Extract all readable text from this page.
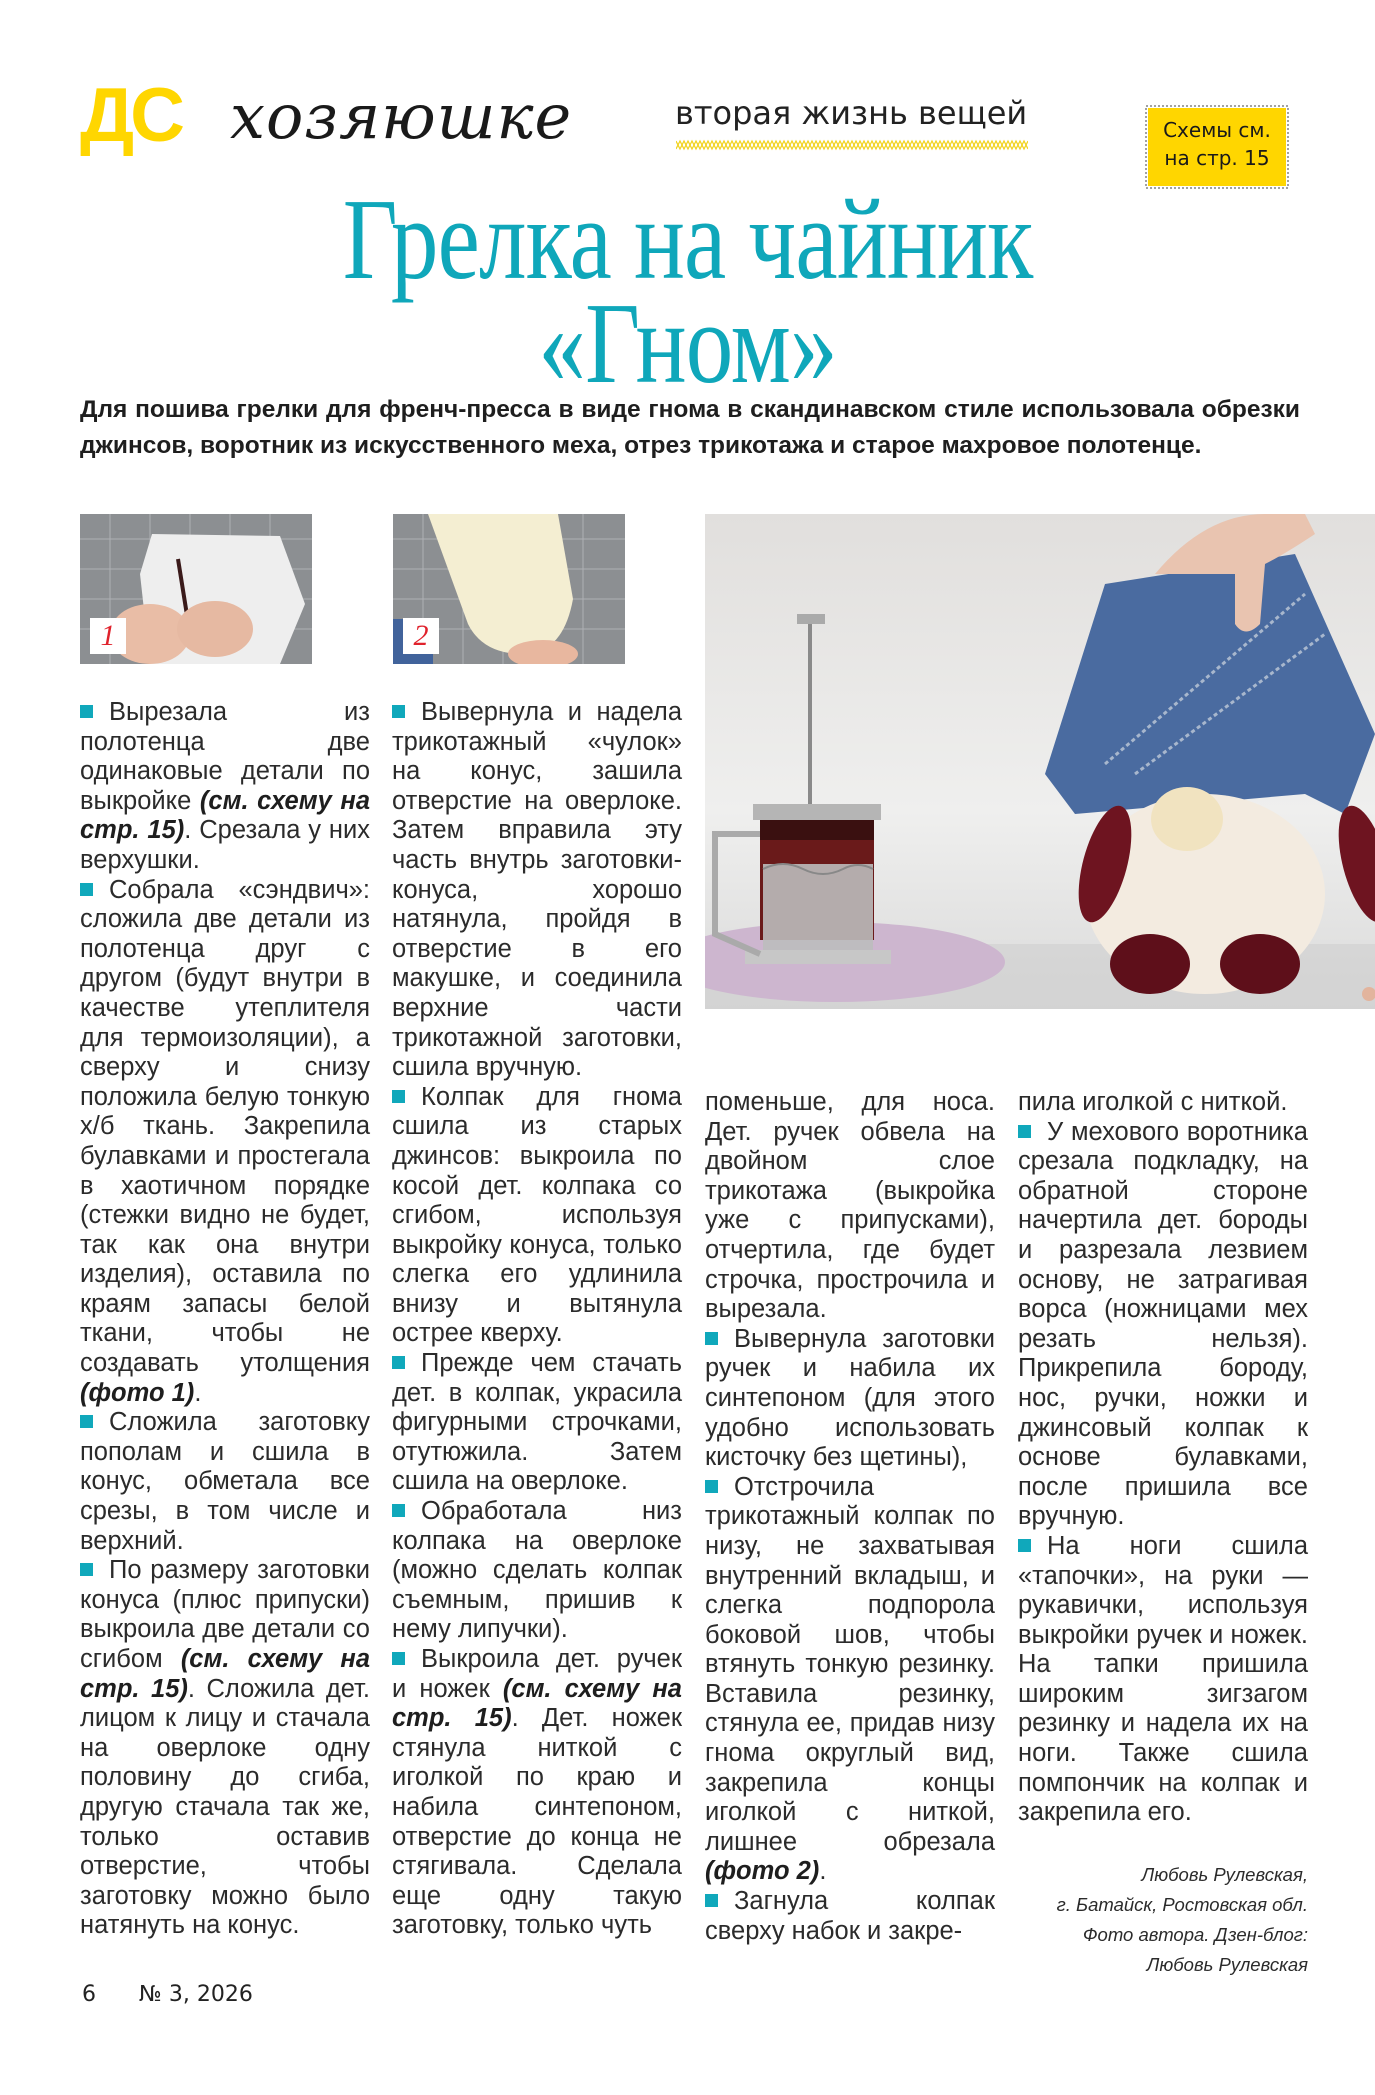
ДС хозяюшке	вторая жизнь вещей	Схемы см.
на стр. 15
Грелка на чайник
«Гном»
Для пошива грелки для френч-пресса в виде гнома в скандинавском стиле использовала обрезки джинсов, воротник из искусственного меха, отрез трикотажа и старое махровое полотенце.
1	2

Вырезала из полотенца две одинаковые детали по выкройке (см. схему на стр. 15). Срезала у них верхушки.

Собрала «сэндвич»: сложила две детали из полотенца друг с другом (будут внутри в качестве утеплителя для термоизоляции), а сверху и снизу положила белую тонкую х/б ткань. Закрепила булавками и простегала в хаотичном порядке (стежки видно не будет, так как она внутри изделия), оставила по краям запасы белой ткани, чтобы не создавать утолщения (фото 1).

Сложила заготовку пополам и сшила в конус, обметала все срезы, в том числе и верхний.

По размеру заготовки конуса (плюс припуски) выкроила две детали со сгибом (см. схему на стр. 15). Сложила дет. лицом к лицу и стачала на оверлоке одну половину до сгиба, другую стачала так же, только оставив отверстие, чтобы заготовку можно было натянуть на конус.

Вывернула и надела трикотажный «чулок» на конус, зашила отверстие на оверлоке. Затем вправила эту часть внутрь заготовки-конуса, хорошо натянула, пройдя в отверстие в его макушке, и соединила верхние части трикотажной заготовки, сшила вручную.

Колпак для гнома сшила из старых джинсов: выкроила по косой дет. колпака со сгибом, используя выкройку конуса, только слегка его удлинила внизу и вытянула острее кверху.

Прежде чем стачать дет. в колпак, украсила фигурными строчками, отутюжила. Затем сшила на оверлоке.

Обработала низ колпака на оверлоке (можно сделать колпак съемным, пришив к нему липучки).

Выкроила дет. ручек и ножек (см. схему на стр. 15). Дет. ножек стянула ниткой с иголкой по краю и набила синтепоном, отверстие до конца не стягивала. Сделала еще одну такую заготовку, только чуть

поменьше, для носа. Дет. ручек обвела на двойном слое трикотажа (выкройка уже с припусками), отчертила, где будет строчка, прострочила и вырезала.

Вывернула заготовки ручек и набила их синтепоном (для этого удобно использовать кисточку без щетины),

Отстрочила трикотажный колпак по низу, не захватывая внутренний вкладыш, и слегка подпорола боковой шов, чтобы втянуть тонкую резинку. Вставила резинку, стянула ее, придав низу гнома округлый вид, закрепила концы иголкой с ниткой, лишнее обрезала (фото 2).

Загнула колпак сверху набок и закре-

пила иголкой с ниткой.

У мехового воротника срезала подкладку, на обратной стороне начертила дет. бороды и разрезала лезвием основу, не затрагивая ворса (ножницами мех резать нельзя). Прикрепила бороду, нос, ручки, ножки и джинсовый колпак к основе булавками, после пришила все вручную.

На ноги сшила «тапочки», на руки — рукавички, используя выкройки ручек и ножек. На тапки пришила широким зигзагом резинку и надела их на ноги. Также сшила помпончик на колпак и закрепила его.

Любовь Рулевская,
г. Батайск, Ростовская обл.
Фото автора. Дзен-блог:
Любовь Рулевская
6 № 3, 2026
